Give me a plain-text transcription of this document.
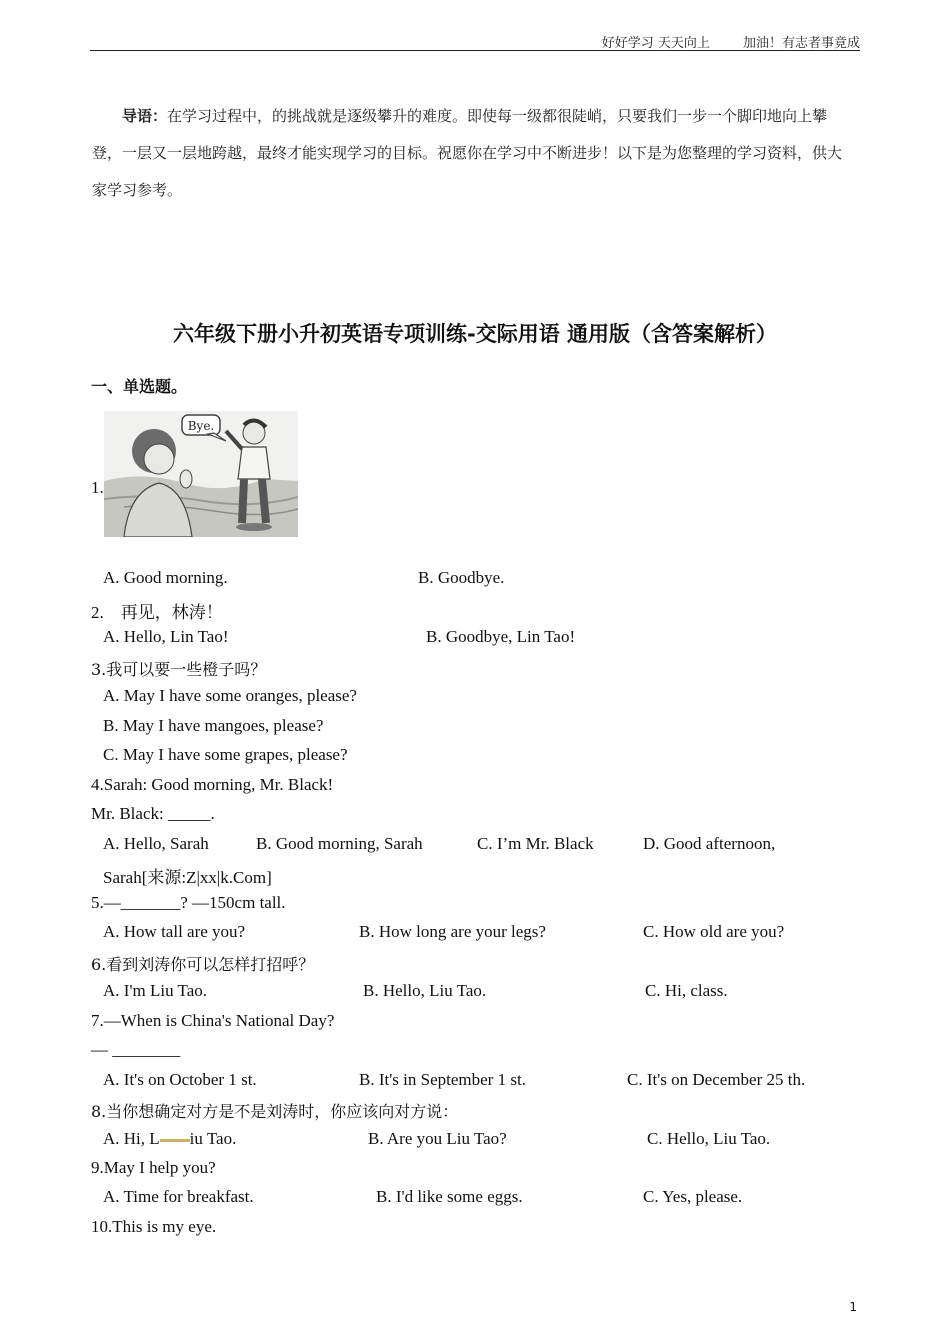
好好学习 天天向上        加油！有志者事竟成
导语：在学习过程中，的挑战就是逐级攀升的难度。即使每一级都很陡峭，只要我们一步一个脚印地向上攀登，一层又一层地跨越，最终才能实现学习的目标。祝愿你在学习中不断进步！以下是为您整理的学习资料，供大家学习参考。
六年级下册小升初英语专项训练-交际用语 通用版（含答案解析）
一、单选题。
1.
Bye.
A. Good morning.	B. Goodbye.
2.　再见，林涛！
A. Hello, Lin Tao!	B. Goodbye, Lin Tao!
3.我可以要一些橙子吗？
A. May I have some oranges, please?
B. May I have mangoes, please?
C. May I have some grapes, please?
4.Sarah: Good morning, Mr. Black!
Mr. Black: _____.
A. Hello, Sarah	B. Good morning, Sarah	C. I’m Mr. Black	D. Good afternoon,
Sarah[来源:Z|xx|k.Com]
5.—_______? —150cm tall.
A. How tall are you?	B. How long are your legs?	C. How old are you?
6.看到刘涛你可以怎样打招呼？
A. I'm Liu Tao.	B. Hello, Liu Tao.	C. Hi, class.
7.—When is China's National Day?
— ________
A. It's on October 1 st.	B. It's in September 1 st.	C. It's on December 25 th.
8.当你想确定对方是不是刘涛时，你应该向对方说：
A. Hi, L iu Tao.	B. Are you Liu Tao?	C. Hello, Liu Tao.
9.May I help you?
A. Time for breakfast.	B. I'd like some eggs.	C. Yes, please.
10.This is my eye.
1
